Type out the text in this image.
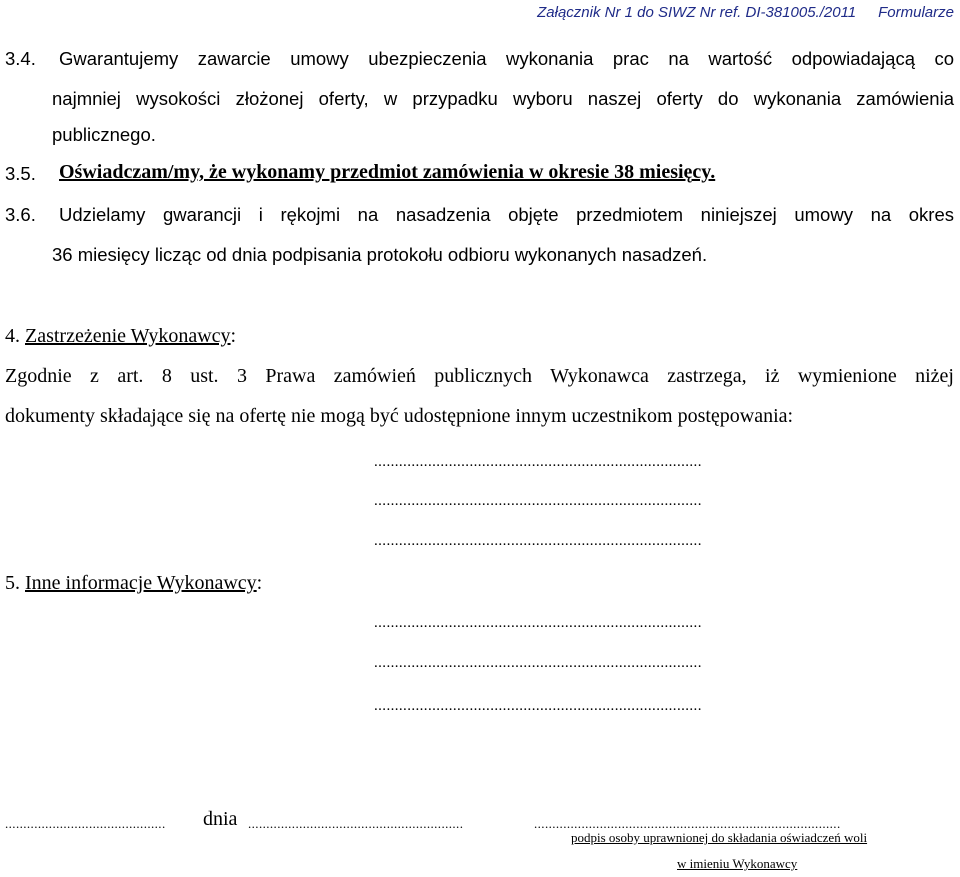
Załącznik Nr 1 do SIWZ Nr ref. DI-381005./2011 Formularze
3.4. Gwarantujemy zawarcie umowy ubezpieczenia wykonania prac na wartość odpowiadającą co
najmniej wysokości złożonej oferty, w przypadku wyboru naszej oferty do wykonania zamówienia
publicznego.
3.5. Oświadczam/my, że wykonamy przedmiot zamówienia w okresie 38 miesięcy.
3.6. Udzielamy gwarancji i rękojmi na nasadzenia objęte przedmiotem niniejszej umowy na okres
36 miesięcy licząc od dnia podpisania protokołu odbioru wykonanych nasadzeń.
4. Zastrzeżenie Wykonawcy:
Zgodnie z art. 8 ust. 3 Prawa zamówień publicznych Wykonawca zastrzega, iż wymienione niżej
dokumenty składające się na ofertę nie mogą być udostępnione innym uczestnikom postępowania:
...............................................................................
...............................................................................
...............................................................................
5. Inne informacje Wykonawcy:
...............................................................................
...............................................................................
...............................................................................
............................................	dnia ...........................................................	....................................................................................
podpis osoby uprawnionej do składania oświadczeń woli
w imieniu Wykonawcy
